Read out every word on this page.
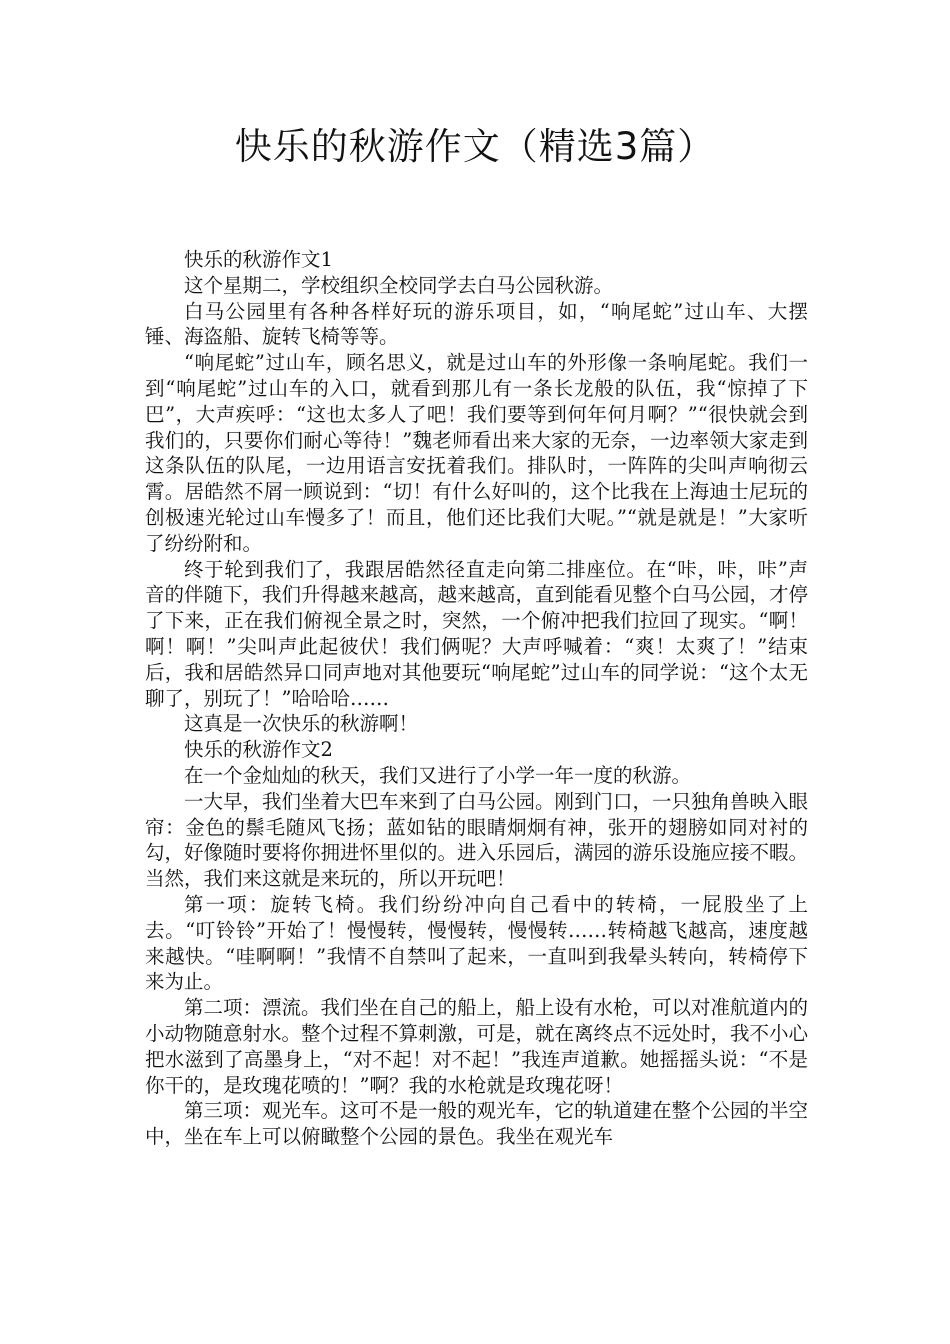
快乐的秋游作文（精选3篇）

快乐的秋游作文1

这个星期二，学校组织全校同学去白马公园秋游。

白马公园里有各种各样好玩的游乐项目，如，“响尾蛇”过山车、大摆锤、海盗船、旋转飞椅等等。

“响尾蛇”过山车，顾名思义，就是过山车的外形像一条响尾蛇。我们一到“响尾蛇”过山车的入口，就看到那儿有一条长龙般的队伍，我“惊掉了下巴”，大声疾呼：“这也太多人了吧！我们要等到何年何月啊？”“很快就会到我们的，只要你们耐心等待！”魏老师看出来大家的无奈，一边率领大家走到这条队伍的队尾，一边用语言安抚着我们。排队时，一阵阵的尖叫声响彻云霄。居皓然不屑一顾说到：“切！有什么好叫的，这个比我在上海迪士尼玩的创极速光轮过山车慢多了！而且，他们还比我们大呢。”“就是就是！”大家听了纷纷附和。

终于轮到我们了，我跟居皓然径直走向第二排座位。在“咔，咔，咔”声音的伴随下，我们升得越来越高，越来越高，直到能看见整个白马公园，才停了下来，正在我们俯视全景之时，突然，一个俯冲把我们拉回了现实。“啊！啊！啊！”尖叫声此起彼伏！我们俩呢？大声呼喊着：“爽！太爽了！”结束后，我和居皓然异口同声地对其他要玩“响尾蛇”过山车的同学说：“这个太无聊了，别玩了！”哈哈哈……

这真是一次快乐的秋游啊！

快乐的秋游作文2

在一个金灿灿的秋天，我们又进行了小学一年一度的秋游。

一大早，我们坐着大巴车来到了白马公园。刚到门口，一只独角兽映入眼帘：金色的鬃毛随风飞扬；蓝如钻的眼睛炯炯有神，张开的翅膀如同对衬的勾，好像随时要将你拥进怀里似的。进入乐园后，满园的游乐设施应接不暇。当然，我们来这就是来玩的，所以开玩吧！

第一项：旋转飞椅。我们纷纷冲向自己看中的转椅，一屁股坐了上去。“叮铃铃”开始了！慢慢转，慢慢转，慢慢转……转椅越飞越高，速度越来越快。“哇啊啊！”我情不自禁叫了起来，一直叫到我晕头转向，转椅停下来为止。

第二项：漂流。我们坐在自己的船上，船上设有水枪，可以对准航道内的小动物随意射水。整个过程不算刺激，可是，就在离终点不远处时，我不小心把水滋到了高墨身上，“对不起！对不起！”我连声道歉。她摇摇头说：“不是你干的，是玫瑰花喷的！”啊？我的水枪就是玫瑰花呀！

第三项：观光车。这可不是一般的观光车，它的轨道建在整个公园的半空中，坐在车上可以俯瞰整个公园的景色。我坐在观光车
